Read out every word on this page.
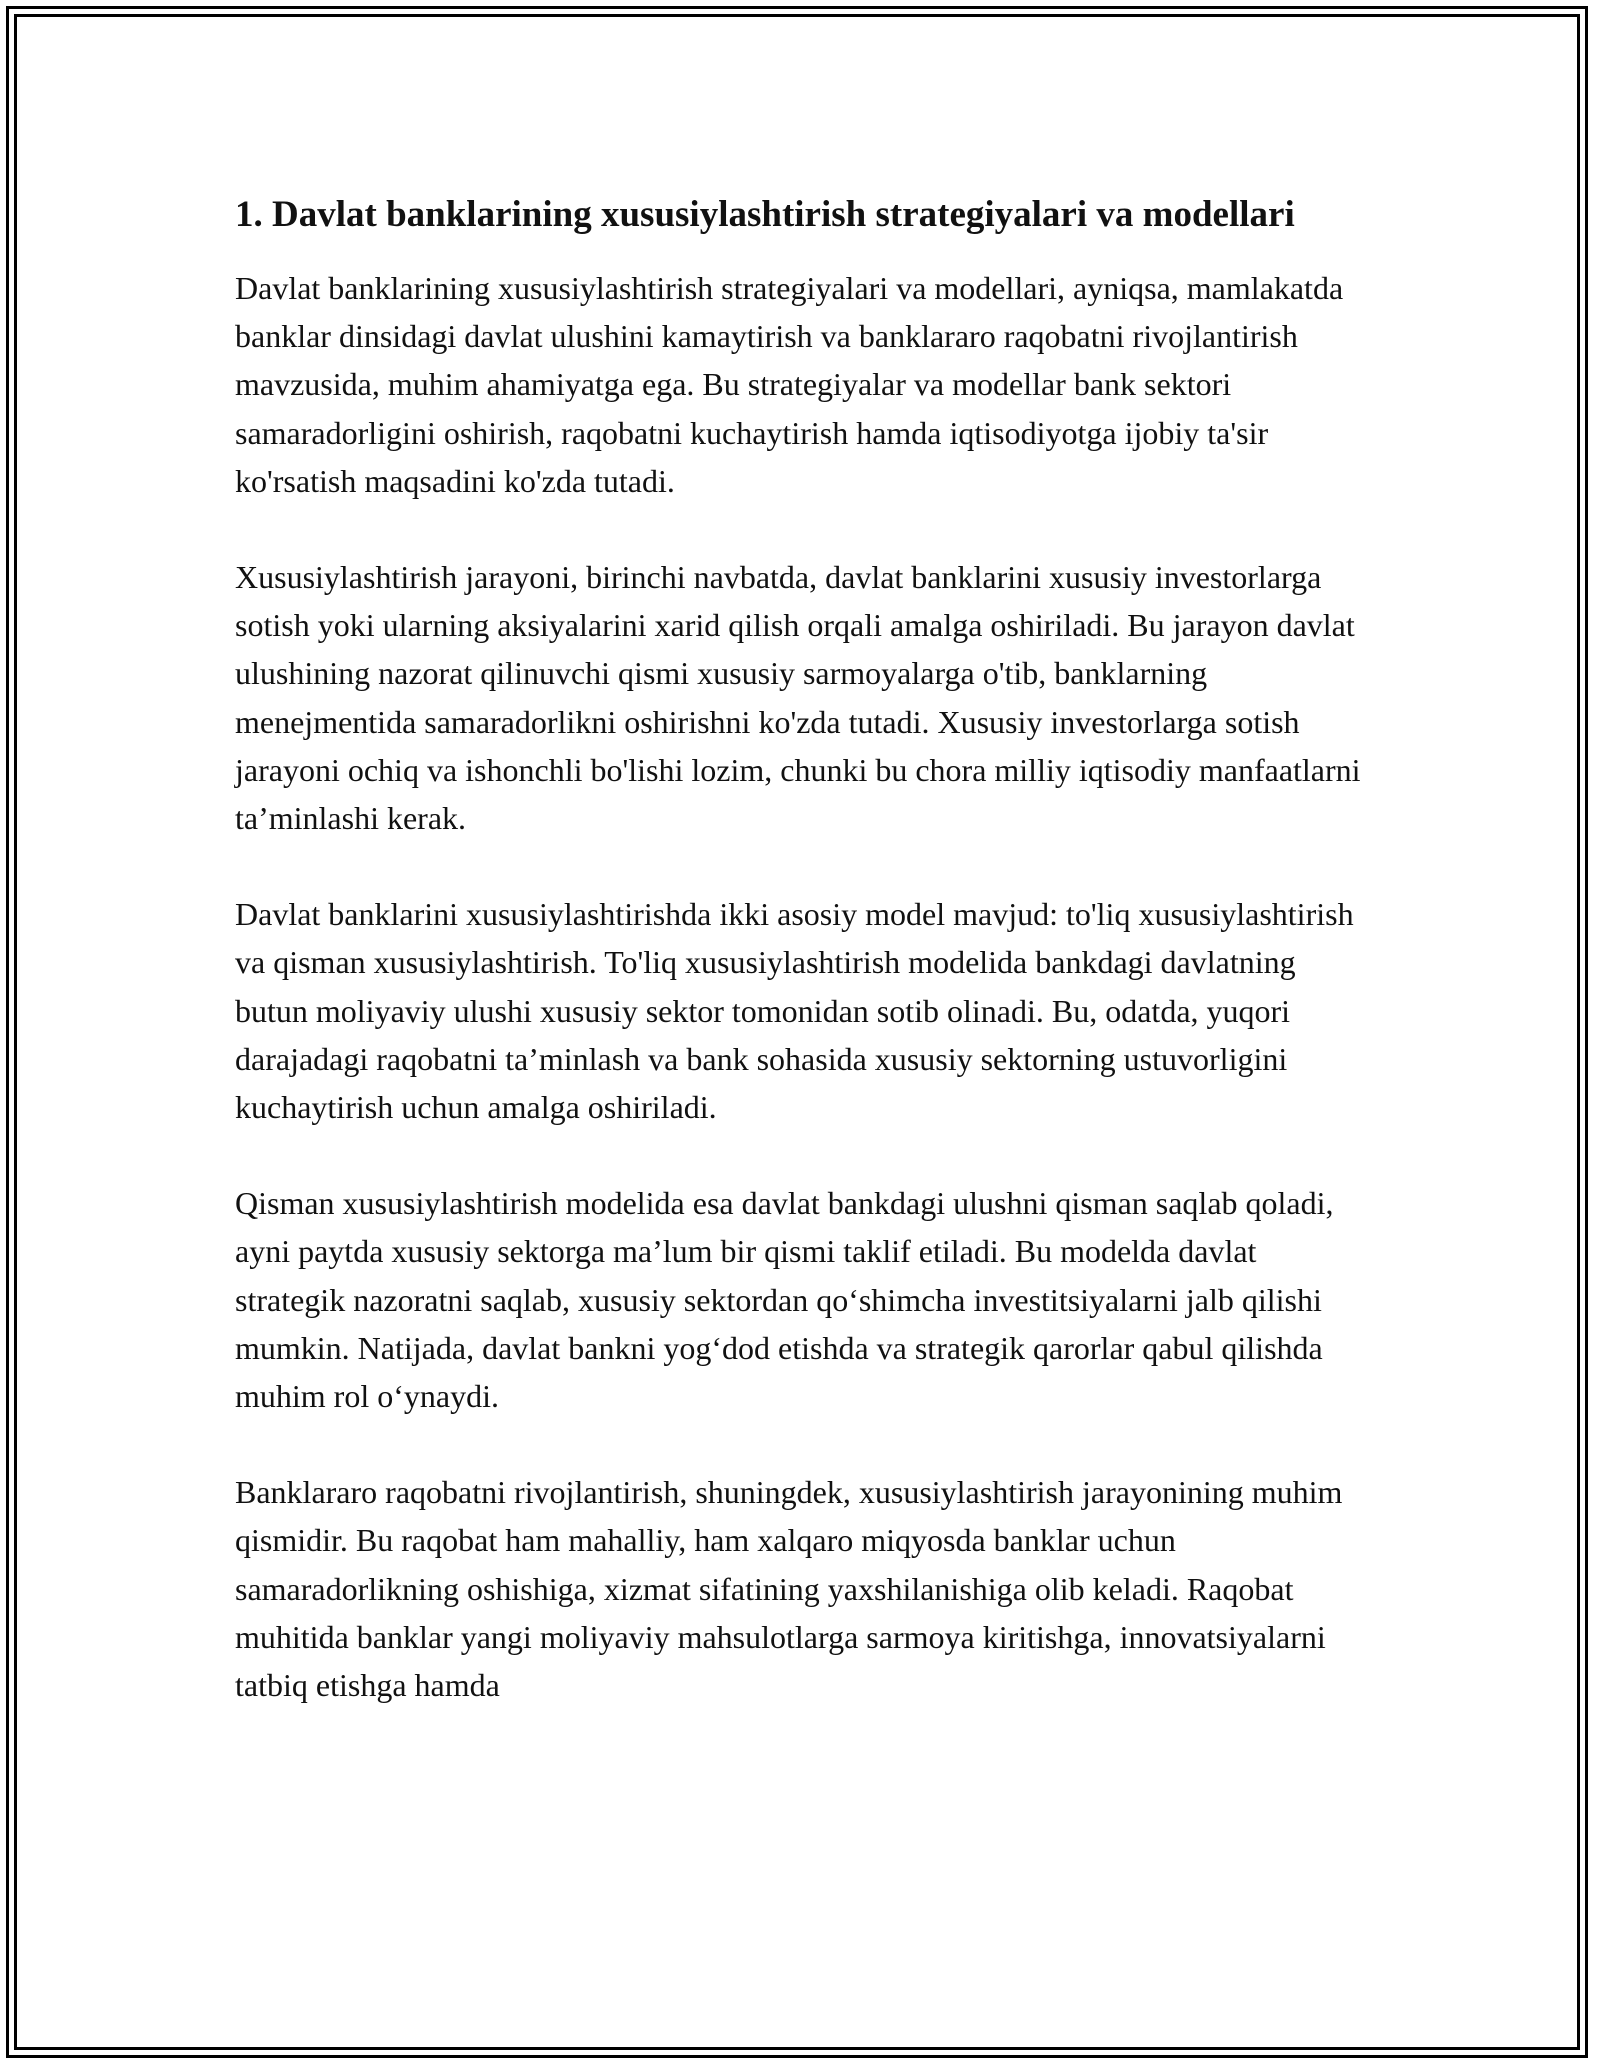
1. Davlat banklarining xususiylashtirish strategiyalari va modellari

Davlat banklarining xususiylashtirish strategiyalari va modellari, ayniqsa, mamlakatda banklar dinsidagi davlat ulushini kamaytirish va banklararo raqobatni rivojlantirish mavzusida, muhim ahamiyatga ega. Bu strategiyalar va modellar bank sektori samaradorligini oshirish, raqobatni kuchaytirish hamda iqtisodiyotga ijobiy ta'sir ko'rsatish maqsadini ko'zda tutadi.

Xususiylashtirish jarayoni, birinchi navbatda, davlat banklarini xususiy investorlarga sotish yoki ularning aksiyalarini xarid qilish orqali amalga oshiriladi. Bu jarayon davlat ulushining nazorat qilinuvchi qismi xususiy sarmoyalarga o'tib, banklarning menejmentida samaradorlikni oshirishni ko'zda tutadi. Xususiy investorlarga sotish jarayoni ochiq va ishonchli bo'lishi lozim, chunki bu chora milliy iqtisodiy manfaatlarni ta’minlashi kerak.

Davlat banklarini xususiylashtirishda ikki asosiy model mavjud: to'liq xususiylashtirish va qisman xususiylashtirish. To'liq xususiylashtirish modelida bankdagi davlatning butun moliyaviy ulushi xususiy sektor tomonidan sotib olinadi. Bu, odatda, yuqori darajadagi raqobatni ta’minlash va bank sohasida xususiy sektorning ustuvorligini kuchaytirish uchun amalga oshiriladi.

Qisman xususiylashtirish modelida esa davlat bankdagi ulushni qisman saqlab qoladi, ayni paytda xususiy sektorga ma’lum bir qismi taklif etiladi. Bu modelda davlat strategik nazoratni saqlab, xususiy sektordan qo‘shimcha investitsiyalarni jalb qilishi mumkin. Natijada, davlat bankni yog‘dod etishda va strategik qarorlar qabul qilishda muhim rol o‘ynaydi.

Banklararo raqobatni rivojlantirish, shuningdek, xususiylashtirish jarayonining muhim qismidir. Bu raqobat ham mahalliy, ham xalqaro miqyosda banklar uchun samaradorlikning oshishiga, xizmat sifatining yaxshilanishiga olib keladi. Raqobat muhitida banklar yangi moliyaviy mahsulotlarga sarmoya kiritishga, innovatsiyalarni tatbiq etishga hamda
